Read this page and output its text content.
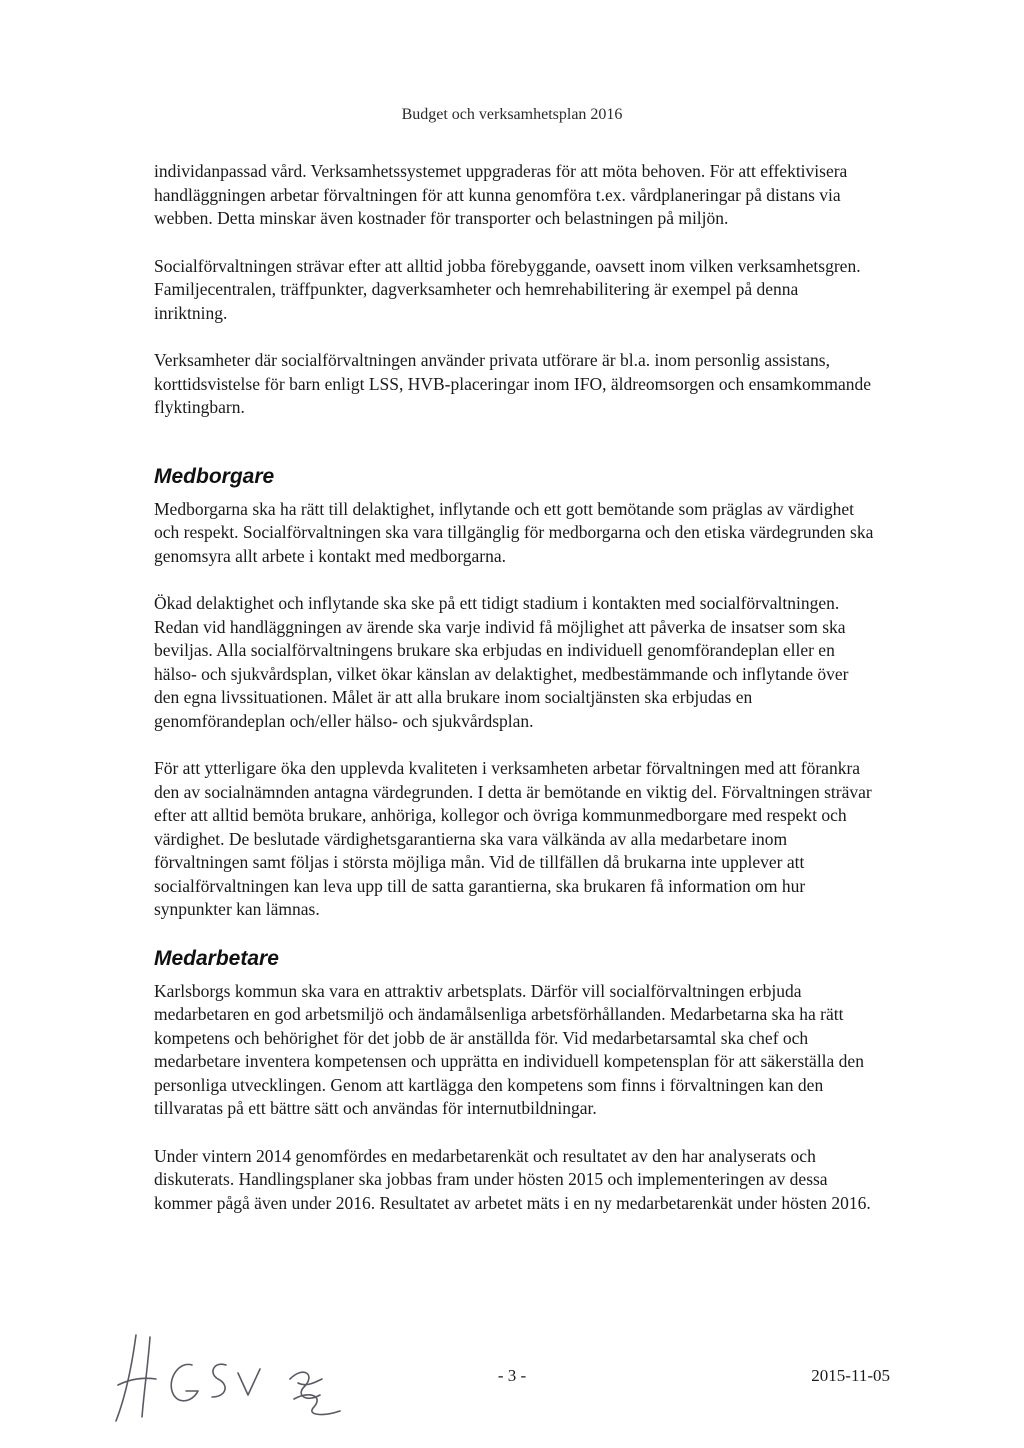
Budget och verksamhetsplan 2016

individanpassad vård. Verksamhetssystemet uppgraderas för att möta behoven. För att effektivisera handläggningen arbetar förvaltningen för att kunna genomföra t.ex. vårdplaneringar på distans via webben. Detta minskar även kostnader för transporter och belastningen på miljön.

Socialförvaltningen strävar efter att alltid jobba förebyggande, oavsett inom vilken verksamhetsgren. Familjecentralen, träffpunkter, dagverksamheter och hemrehabilitering är exempel på denna inriktning.

Verksamheter där socialförvaltningen använder privata utförare är bl.a. inom personlig assistans, korttidsvistelse för barn enligt LSS, HVB-placeringar inom IFO, äldreomsorgen och ensamkommande flyktingbarn.

Medborgare

Medborgarna ska ha rätt till delaktighet, inflytande och ett gott bemötande som präglas av värdighet och respekt. Socialförvaltningen ska vara tillgänglig för medborgarna och den etiska värdegrunden ska genomsyra allt arbete i kontakt med medborgarna.

Ökad delaktighet och inflytande ska ske på ett tidigt stadium i kontakten med socialförvaltningen. Redan vid handläggningen av ärende ska varje individ få möjlighet att påverka de insatser som ska beviljas. Alla socialförvaltningens brukare ska erbjudas en individuell genomförandeplan eller en hälso- och sjukvårdsplan, vilket ökar känslan av delaktighet, medbestämmande och inflytande över den egna livssituationen. Målet är att alla brukare inom socialtjänsten ska erbjudas en genomförandeplan och/eller hälso- och sjukvårdsplan.

För att ytterligare öka den upplevda kvaliteten i verksamheten arbetar förvaltningen med att förankra den av socialnämnden antagna värdegrunden. I detta är bemötande en viktig del. Förvaltningen strävar efter att alltid bemöta brukare, anhöriga, kollegor och övriga kommunmedborgare med respekt och värdighet. De beslutade värdighetsgarantierna ska vara välkända av alla medarbetare inom förvaltningen samt följas i största möjliga mån. Vid de tillfällen då brukarna inte upplever att socialförvaltningen kan leva upp till de satta garantierna, ska brukaren få information om hur synpunkter kan lämnas.

Medarbetare

Karlsborgs kommun ska vara en attraktiv arbetsplats. Därför vill socialförvaltningen erbjuda medarbetaren en god arbetsmiljö och ändamålsenliga arbetsförhållanden. Medarbetarna ska ha rätt kompetens och behörighet för det jobb de är anställda för. Vid medarbetarsamtal ska chef och medarbetare inventera kompetensen och upprätta en individuell kompetensplan för att säkerställa den personliga utvecklingen. Genom att kartlägga den kompetens som finns i förvaltningen kan den tillvaratas på ett bättre sätt och användas för internutbildningar.

Under vintern 2014 genomfördes en medarbetarenkät och resultatet av den har analyserats och diskuterats. Handlingsplaner ska jobbas fram under hösten 2015 och implementeringen av dessa kommer pågå även under 2016. Resultatet av arbetet mäts i en ny medarbetarenkät under hösten 2016.

- 3 -	2015-11-05
